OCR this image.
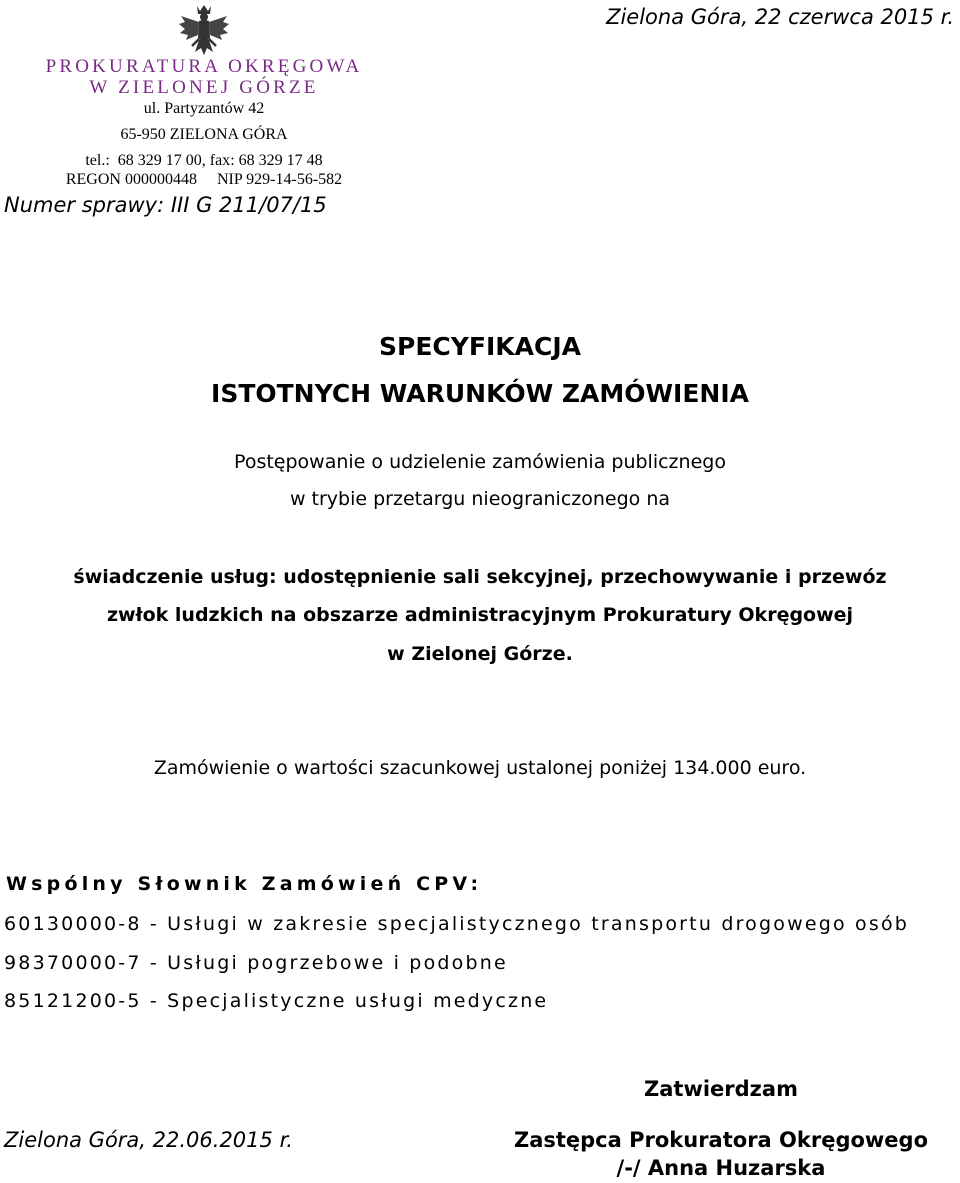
PROKURATURA OKRĘGOWA
W ZIELONEJ GÓRZE
ul. Partyzantów 42
65-950 ZIELONA GÓRA
tel.:  68 329 17 00, fax: 68 329 17 48
REGON 000000448     NIP 929-14-56-582
Numer sprawy: III G 211/07/15
Zielona Góra, 22 czerwca 2015 r.
SPECYFIKACJA
ISTOTNYCH WARUNKÓW ZAMÓWIENIA
Postępowanie o udzielenie zamówienia publicznego
w trybie przetargu nieograniczonego na
świadczenie usług: udostępnienie sali sekcyjnej, przechowywanie i przewóz
zwłok ludzkich na obszarze administracyjnym Prokuratury Okręgowej
w Zielonej Górze.
Zamówienie o wartości szacunkowej ustalonej poniżej 134.000 euro.
Wspólny Słownik Zamówień CPV:
60130000-8 - Usługi w zakresie specjalistycznego transportu drogowego osób
98370000-7 - Usługi pogrzebowe i podobne
85121200-5 - Specjalistyczne usługi medyczne
Zatwierdzam
Zielona Góra, 22.06.2015 r.	Zastępca Prokuratora Okręgowego
/-/ Anna Huzarska
